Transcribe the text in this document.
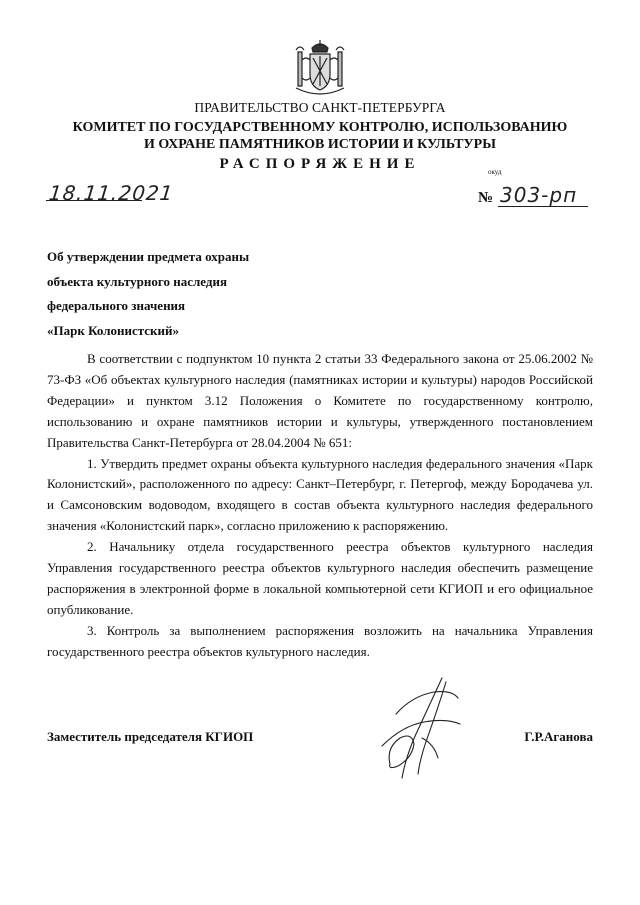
ПРАВИТЕЛЬСТВО САНКТ-ПЕТЕРБУРГА
КОМИТЕТ ПО ГОСУДАРСТВЕННОМУ КОНТРОЛЮ, ИСПОЛЬЗОВАНИЮ
И ОХРАНЕ ПАМЯТНИКОВ ИСТОРИИ И КУЛЬТУРЫ
РАСПОРЯЖЕНИЕ	окуд
18.11.2021	№ 303-рп
Об утверждении предмета охраны
объекта культурного наследия
федерального значения
«Парк Колонистский»

В соответствии с подпунктом 10 пункта 2 статьи 33 Федерального закона от 25.06.2002 № 73-ФЗ «Об объектах культурного наследия (памятниках истории и культуры) народов Российской Федерации» и пунктом 3.12 Положения о Комитете по государственному контролю, использованию и охране памятников истории и культуры, утвержденного постановлением Правительства Санкт-Петербурга от 28.04.2004 № 651:

1. Утвердить предмет охраны объекта культурного наследия федерального значения «Парк Колонистский», расположенного по адресу: Санкт–Петербург, г. Петергоф, между Бородачева ул. и Самсоновским водоводом, входящего в состав объекта культурного наследия федерального значения «Колонистский парк», согласно приложению к распоряжению.

2. Начальнику отдела государственного реестра объектов культурного наследия Управления государственного реестра объектов культурного наследия обеспечить размещение распоряжения в электронной форме в локальной компьютерной сети КГИОП и его официальное опубликование.

3. Контроль за выполнением распоряжения возложить на начальника Управления государственного реестра объектов культурного наследия.

Заместитель председателя КГИОП	Г.Р.Аганова
